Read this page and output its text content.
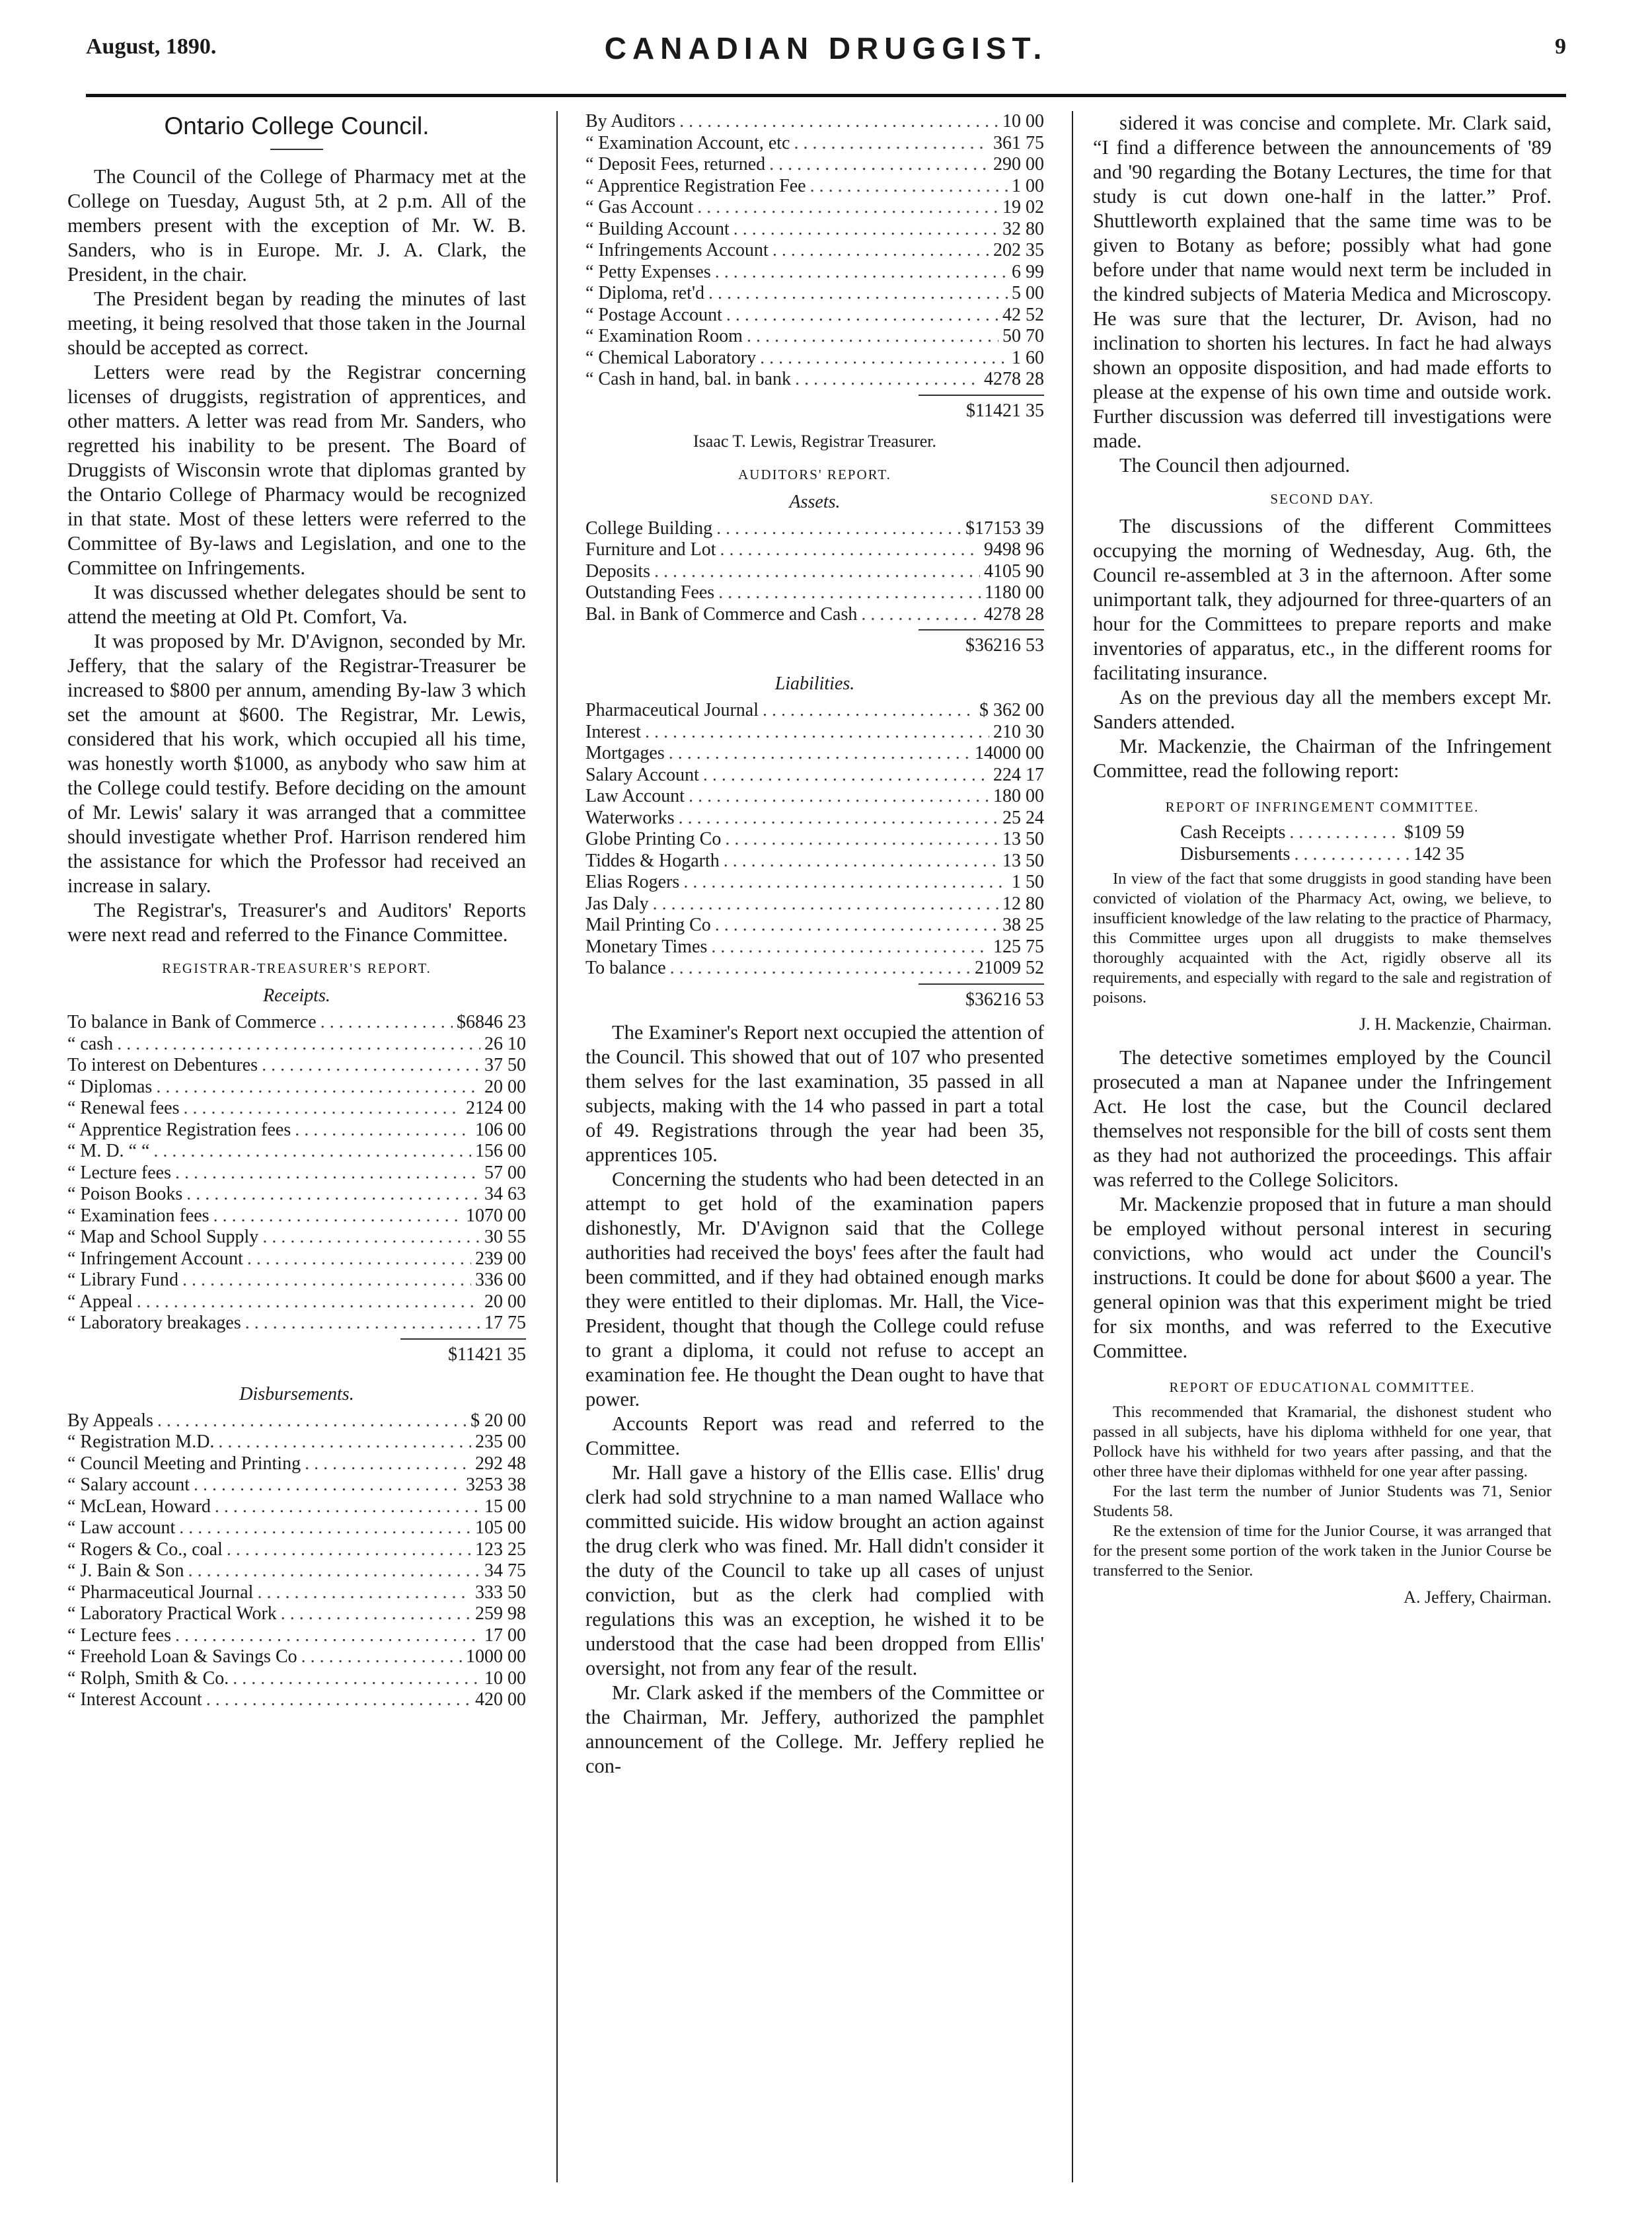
August, 1890.	CANADIAN DRUGGIST.	9
Ontario College Council.

The Council of the College of Pharmacy met at the College on Tuesday, August 5th, at 2 p.m. All of the members present with the exception of Mr. W. B. Sanders, who is in Europe. Mr. J. A. Clark, the President, in the chair.

The President began by reading the minutes of last meeting, it being resolved that those taken in the Journal should be accepted as correct.

Letters were read by the Registrar concerning licenses of druggists, registration of apprentices, and other matters. A letter was read from Mr. Sanders, who regretted his inability to be present. The Board of Druggists of Wisconsin wrote that diplomas granted by the Ontario College of Pharmacy would be recognized in that state. Most of these letters were referred to the Committee of By-laws and Legislation, and one to the Committee on Infringements.

It was discussed whether delegates should be sent to attend the meeting at Old Pt. Comfort, Va.

It was proposed by Mr. D'Avignon, seconded by Mr. Jeffery, that the salary of the Registrar-Treasurer be increased to $800 per annum, amending By-law 3 which set the amount at $600. The Registrar, Mr. Lewis, considered that his work, which occupied all his time, was honestly worth $1000, as anybody who saw him at the College could testify. Before deciding on the amount of Mr. Lewis' salary it was arranged that a committee should investigate whether Prof. Harrison rendered him the assistance for which the Professor had received an increase in salary.

The Registrar's, Treasurer's and Auditors' Reports were next read and referred to the Finance Committee.

REGISTRAR-TREASURER'S REPORT.
Receipts.
To balance in Bank of Commerce . . .	$6846 23
“ cash . . .	26 10
To interest on Debentures . . .	37 50
“ Diplomas . . .	20 00
“ Renewal fees . . .	2124 00
“ Apprentice Registration fees . . .	106 00
“ M. D. “ “ . . .	156 00
“ Lecture fees . . .	57 00
“ Poison Books . . .	34 63
“ Examination fees . . .	1070 00
“ Map and School Supply . . .	30 55
“ Infringement Account . . .	239 00
“ Library Fund . . .	336 00
“ Appeal . . .	20 00
“ Laboratory breakages . . .	17 75
$11421 35
Disbursements.
By Appeals . . .	$ 20 00
“ Registration M.D. . . .	235 00
“ Council Meeting and Printing . . .	292 48
“ Salary account . . .	3253 38
“ McLean, Howard . . .	15 00
“ Law account . . .	105 00
“ Rogers & Co., coal . . .	123 25
“ J. Bain & Son . . .	34 75
“ Pharmaceutical Journal . . .	333 50
“ Laboratory Practical Work . . .	259 98
“ Lecture fees . . .	17 00
“ Freehold Loan & Savings Co . . .	1000 00
“ Rolph, Smith & Co. . . .	10 00
“ Interest Account . . .	420 00
By Auditors . . .	10 00
“ Examination Account, etc . . .	361 75
“ Deposit Fees, returned . . .	290 00
“ Apprentice Registration Fee . . .	1 00
“ Gas Account . . .	19 02
“ Building Account . . .	32 80
“ Infringements Account . . .	202 35
“ Petty Expenses . . .	6 99
“ Diploma, ret'd . . .	5 00
“ Postage Account . . .	42 52
“ Examination Room . . .	50 70
“ Chemical Laboratory . . .	1 60
“ Cash in hand, bal. in bank . . .	4278 28
$11421 35
Isaac T. Lewis, Registrar Treasurer.
AUDITORS' REPORT.
Assets.
College Building . . .	$17153 39
Furniture and Lot . . .	9498 96
Deposits . . .	4105 90
Outstanding Fees . . .	1180 00
Bal. in Bank of Commerce and Cash . . .	4278 28
$36216 53
Liabilities.
Pharmaceutical Journal . . .	$ 362 00
Interest . . .	210 30
Mortgages . . .	14000 00
Salary Account . . .	224 17
Law Account . . .	180 00
Waterworks . . .	25 24
Globe Printing Co . . .	13 50
Tiddes & Hogarth . . .	13 50
Elias Rogers . . .	1 50
Jas Daly . . .	12 80
Mail Printing Co . . .	38 25
Monetary Times . . .	125 75
To balance . . .	21009 52
$36216 53

The Examiner's Report next occupied the attention of the Council. This showed that out of 107 who presented them selves for the last examination, 35 passed in all subjects, making with the 14 who passed in part a total of 49. Registrations through the year had been 35, apprentices 105.

Concerning the students who had been detected in an attempt to get hold of the examination papers dishonestly, Mr. D'Avignon said that the College authorities had received the boys' fees after the fault had been committed, and if they had obtained enough marks they were entitled to their diplomas. Mr. Hall, the Vice-President, thought that though the College could refuse to grant a diploma, it could not refuse to accept an examination fee. He thought the Dean ought to have that power.

Accounts Report was read and referred to the Committee.

Mr. Hall gave a history of the Ellis case. Ellis' drug clerk had sold strychnine to a man named Wallace who committed suicide. His widow brought an action against the drug clerk who was fined. Mr. Hall didn't consider it the duty of the Council to take up all cases of unjust conviction, but as the clerk had complied with regulations this was an exception, he wished it to be understood that the case had been dropped from Ellis' oversight, not from any fear of the result.

Mr. Clark asked if the members of the Committee or the Chairman, Mr. Jeffery, authorized the pamphlet announcement of the College. Mr. Jeffery replied he con-

sidered it was concise and complete. Mr. Clark said, “I find a difference between the announcements of '89 and '90 regarding the Botany Lectures, the time for that study is cut down one-half in the latter.” Prof. Shuttleworth explained that the same time was to be given to Botany as before; possibly what had gone before under that name would next term be included in the kindred subjects of Materia Medica and Microscopy. He was sure that the lecturer, Dr. Avison, had no inclination to shorten his lectures. In fact he had always shown an opposite disposition, and had made efforts to please at the expense of his own time and outside work. Further discussion was deferred till investigations were made.

The Council then adjourned.

SECOND DAY.

The discussions of the different Committees occupying the morning of Wednesday, Aug. 6th, the Council re-assembled at 3 in the afternoon. After some unimportant talk, they adjourned for three-quarters of an hour for the Committees to prepare reports and make inventories of apparatus, etc., in the different rooms for facilitating insurance.

As on the previous day all the members except Mr. Sanders attended.

Mr. Mackenzie, the Chairman of the Infringement Committee, read the following report:

REPORT OF INFRINGEMENT COMMITTEE.
Cash Receipts . . .	$109 59
Disbursements . . .	142 35

In view of the fact that some druggists in good standing have been convicted of violation of the Pharmacy Act, owing, we believe, to insufficient knowledge of the law relating to the practice of Pharmacy, this Committee urges upon all druggists to make themselves thoroughly acquainted with the Act, rigidly observe all its requirements, and especially with regard to the sale and registration of poisons.

J. H. Mackenzie, Chairman.

The detective sometimes employed by the Council prosecuted a man at Napanee under the Infringement Act. He lost the case, but the Council declared themselves not responsible for the bill of costs sent them as they had not authorized the proceedings. This affair was referred to the College Solicitors.

Mr. Mackenzie proposed that in future a man should be employed without personal interest in securing convictions, who would act under the Council's instructions. It could be done for about $600 a year. The general opinion was that this experiment might be tried for six months, and was referred to the Executive Committee.

REPORT OF EDUCATIONAL COMMITTEE.

This recommended that Kramarial, the dishonest student who passed in all subjects, have his diploma withheld for one year, that Pollock have his withheld for two years after passing, and that the other three have their diplomas withheld for one year after passing.

For the last term the number of Junior Students was 71, Senior Students 58.

Re the extension of time for the Junior Course, it was arranged that for the present some portion of the work taken in the Junior Course be transferred to the Senior.

A. Jeffery, Chairman.
